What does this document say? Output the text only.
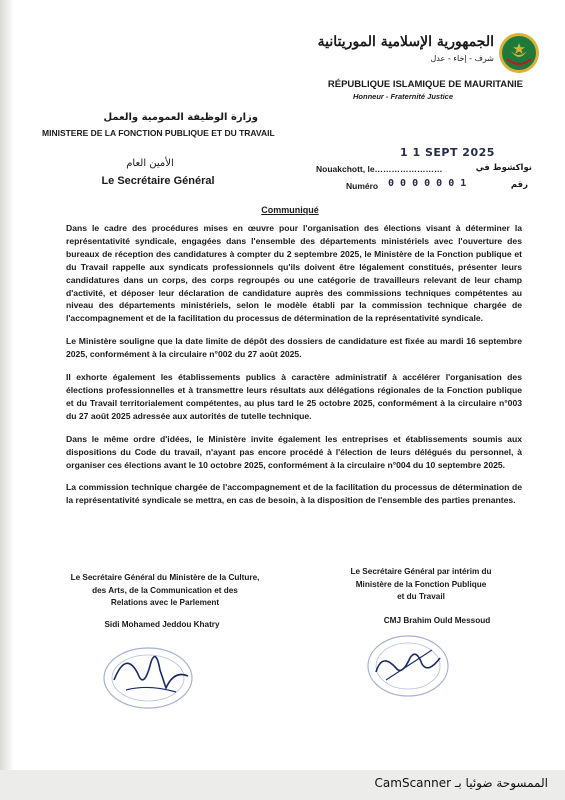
الجمهورية الإسلامية الموريتانية
شرف - إخاء - عدل
RÉPUBLIQUE ISLAMIQUE DE MAURITANIE
Honneur - Fraternité Justice
وزارة الوظيفة العمومية والعمل
MINISTERE DE LA FONCTION PUBLIQUE ET DU TRAVAIL
الأمين العام
Le Secrétaire Général
1 1 SEPT 2025
Nouakchott, le……………………	نواكشوط في
Numéro 0 0 0 0 0 0 1	رقم
Communiqué

Dans le cadre des procédures mises en œuvre pour l'organisation des élections visant à déterminer la représentativité syndicale, engagées dans l'ensemble des départements ministériels avec l'ouverture des bureaux de réception des candidatures à compter du 2 septembre 2025, le Ministère de la Fonction publique et du Travail rappelle aux syndicats professionnels qu'ils doivent être légalement constitués, présenter leurs candidatures dans un corps, des corps regroupés ou une catégorie de travailleurs relevant de leur champ d'activité, et déposer leur déclaration de candidature auprès des commissions techniques compétentes au niveau des départements ministériels, selon le modèle établi par la commission technique chargée de l'accompagnement et de la facilitation du processus de détermination de la représentativité syndicale.

Le Ministère souligne que la date limite de dépôt des dossiers de candidature est fixée au mardi 16 septembre 2025, conformément à la circulaire n°002 du 27 août 2025.

Il exhorte également les établissements publics à caractère administratif à accélérer l'organisation des élections professionnelles et à transmettre leurs résultats aux délégations régionales de la Fonction publique et du Travail territorialement compétentes, au plus tard le 25 octobre 2025, conformément à la circulaire n°003 du 27 août 2025 adressée aux autorités de tutelle technique.

Dans le même ordre d'idées, le Ministère invite également les entreprises et établissements soumis aux dispositions du Code du travail, n'ayant pas encore procédé à l'élection de leurs délégués du personnel, à organiser ces élections avant le 10 octobre 2025, conformément à la circulaire n°004 du 10 septembre 2025.

La commission technique chargée de l'accompagnement et de la facilitation du processus de détermination de la représentativité syndicale se mettra, en cas de besoin, à la disposition de l'ensemble des parties prenantes.

Le Secrétaire Général du Ministère de la Culture,
des Arts, de la Communication et des
Relations avec le Parlement
Sidi Mohamed Jeddou Khatry
Le Secrétaire Général par intérim du
Ministère de la Fonction Publique
et du Travail
CMJ Brahim Ould Messoud
الممسوحة ضوئيا بـ CamScanner
